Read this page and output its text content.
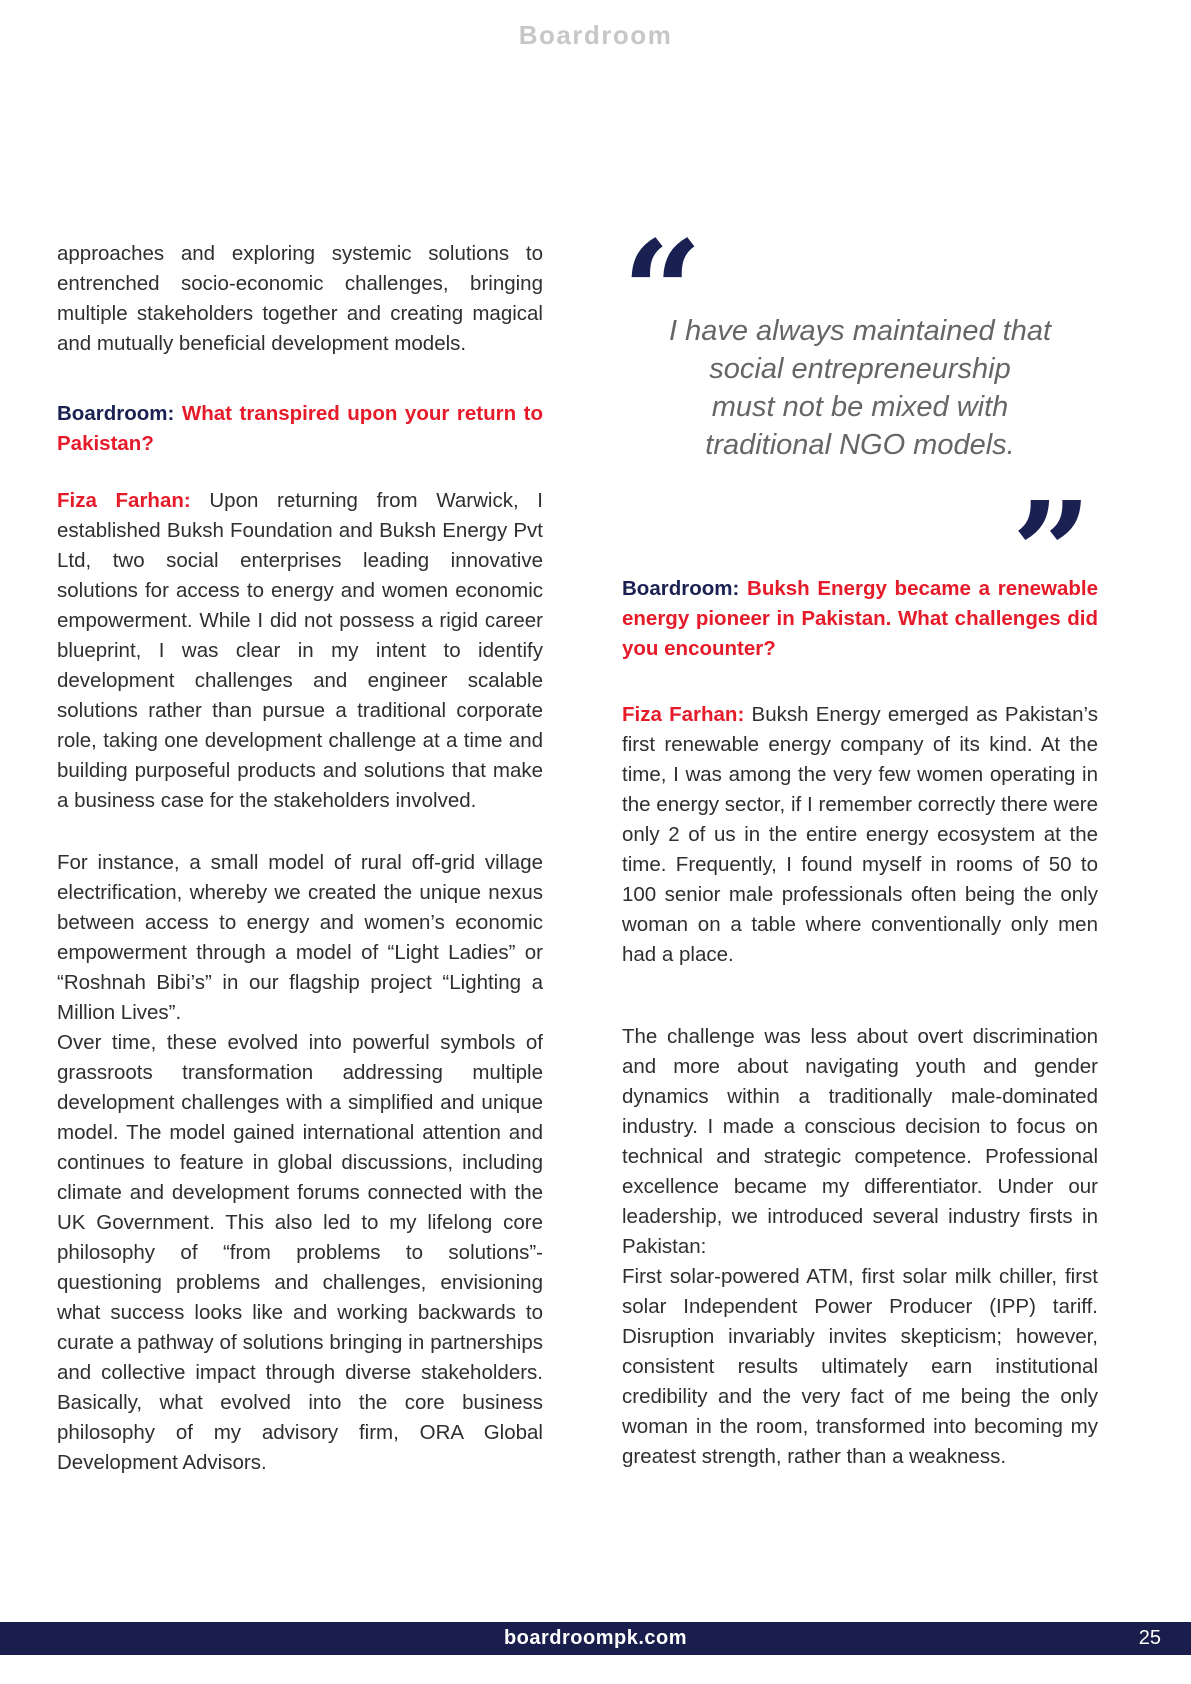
Boardroom

approaches and exploring systemic solutions to entrenched socio-economic challenges, bringing multiple stakeholders together and creating magical and mutually beneficial development models.

Boardroom: What transpired upon your return to Pakistan?

Fiza Farhan: Upon returning from Warwick, I established Buksh Foundation and Buksh Energy Pvt Ltd, two social enterprises leading innovative solutions for access to energy and women economic empowerment. While I did not possess a rigid career blueprint, I was clear in my intent to identify development challenges and engineer scalable solutions rather than pursue a traditional corporate role, taking one development challenge at a time and building purposeful products and solutions that make a business case for the stakeholders involved.

For instance, a small model of rural off-grid village electrification, whereby we created the unique nexus between access to energy and women’s economic empowerment through a model of “Light Ladies” or “Roshnah Bibi’s” in our flagship project “Lighting a Million Lives”.

Over time, these evolved into powerful symbols of grassroots transformation addressing multiple development challenges with a simplified and unique model. The model gained international attention and continues to feature in global discussions, including climate and development forums connected with the UK Government. This also led to my lifelong core philosophy of “from problems to solutions”- questioning problems and challenges, envisioning what success looks like and working backwards to curate a pathway of solutions bringing in partnerships and collective impact through diverse stakeholders. Basically, what evolved into the core business philosophy of my advisory firm, ORA Global Development Advisors.

“
I have always maintained that
social entrepreneurship
must not be mixed with
traditional NGO models.
”

Boardroom: Buksh Energy became a renewable energy pioneer in Pakistan. What challenges did you encounter?

Fiza Farhan: Buksh Energy emerged as Pakistan’s first renewable energy company of its kind. At the time, I was among the very few women operating in the energy sector, if I remember correctly there were only 2 of us in the entire energy ecosystem at the time. Frequently, I found myself in rooms of 50 to 100 senior male professionals often being the only woman on a table where conventionally only men had a place.

The challenge was less about overt discrimination and more about navigating youth and gender dynamics within a traditionally male-dominated industry. I made a conscious decision to focus on technical and strategic competence. Professional excellence became my differentiator. Under our leadership, we introduced several industry firsts in Pakistan:

First solar-powered ATM, first solar milk chiller, first solar Independent Power Producer (IPP) tariff. Disruption invariably invites skepticism; however, consistent results ultimately earn institutional credibility and the very fact of me being the only woman in the room, transformed into becoming my greatest strength, rather than a weakness.

boardroompk.com	25
